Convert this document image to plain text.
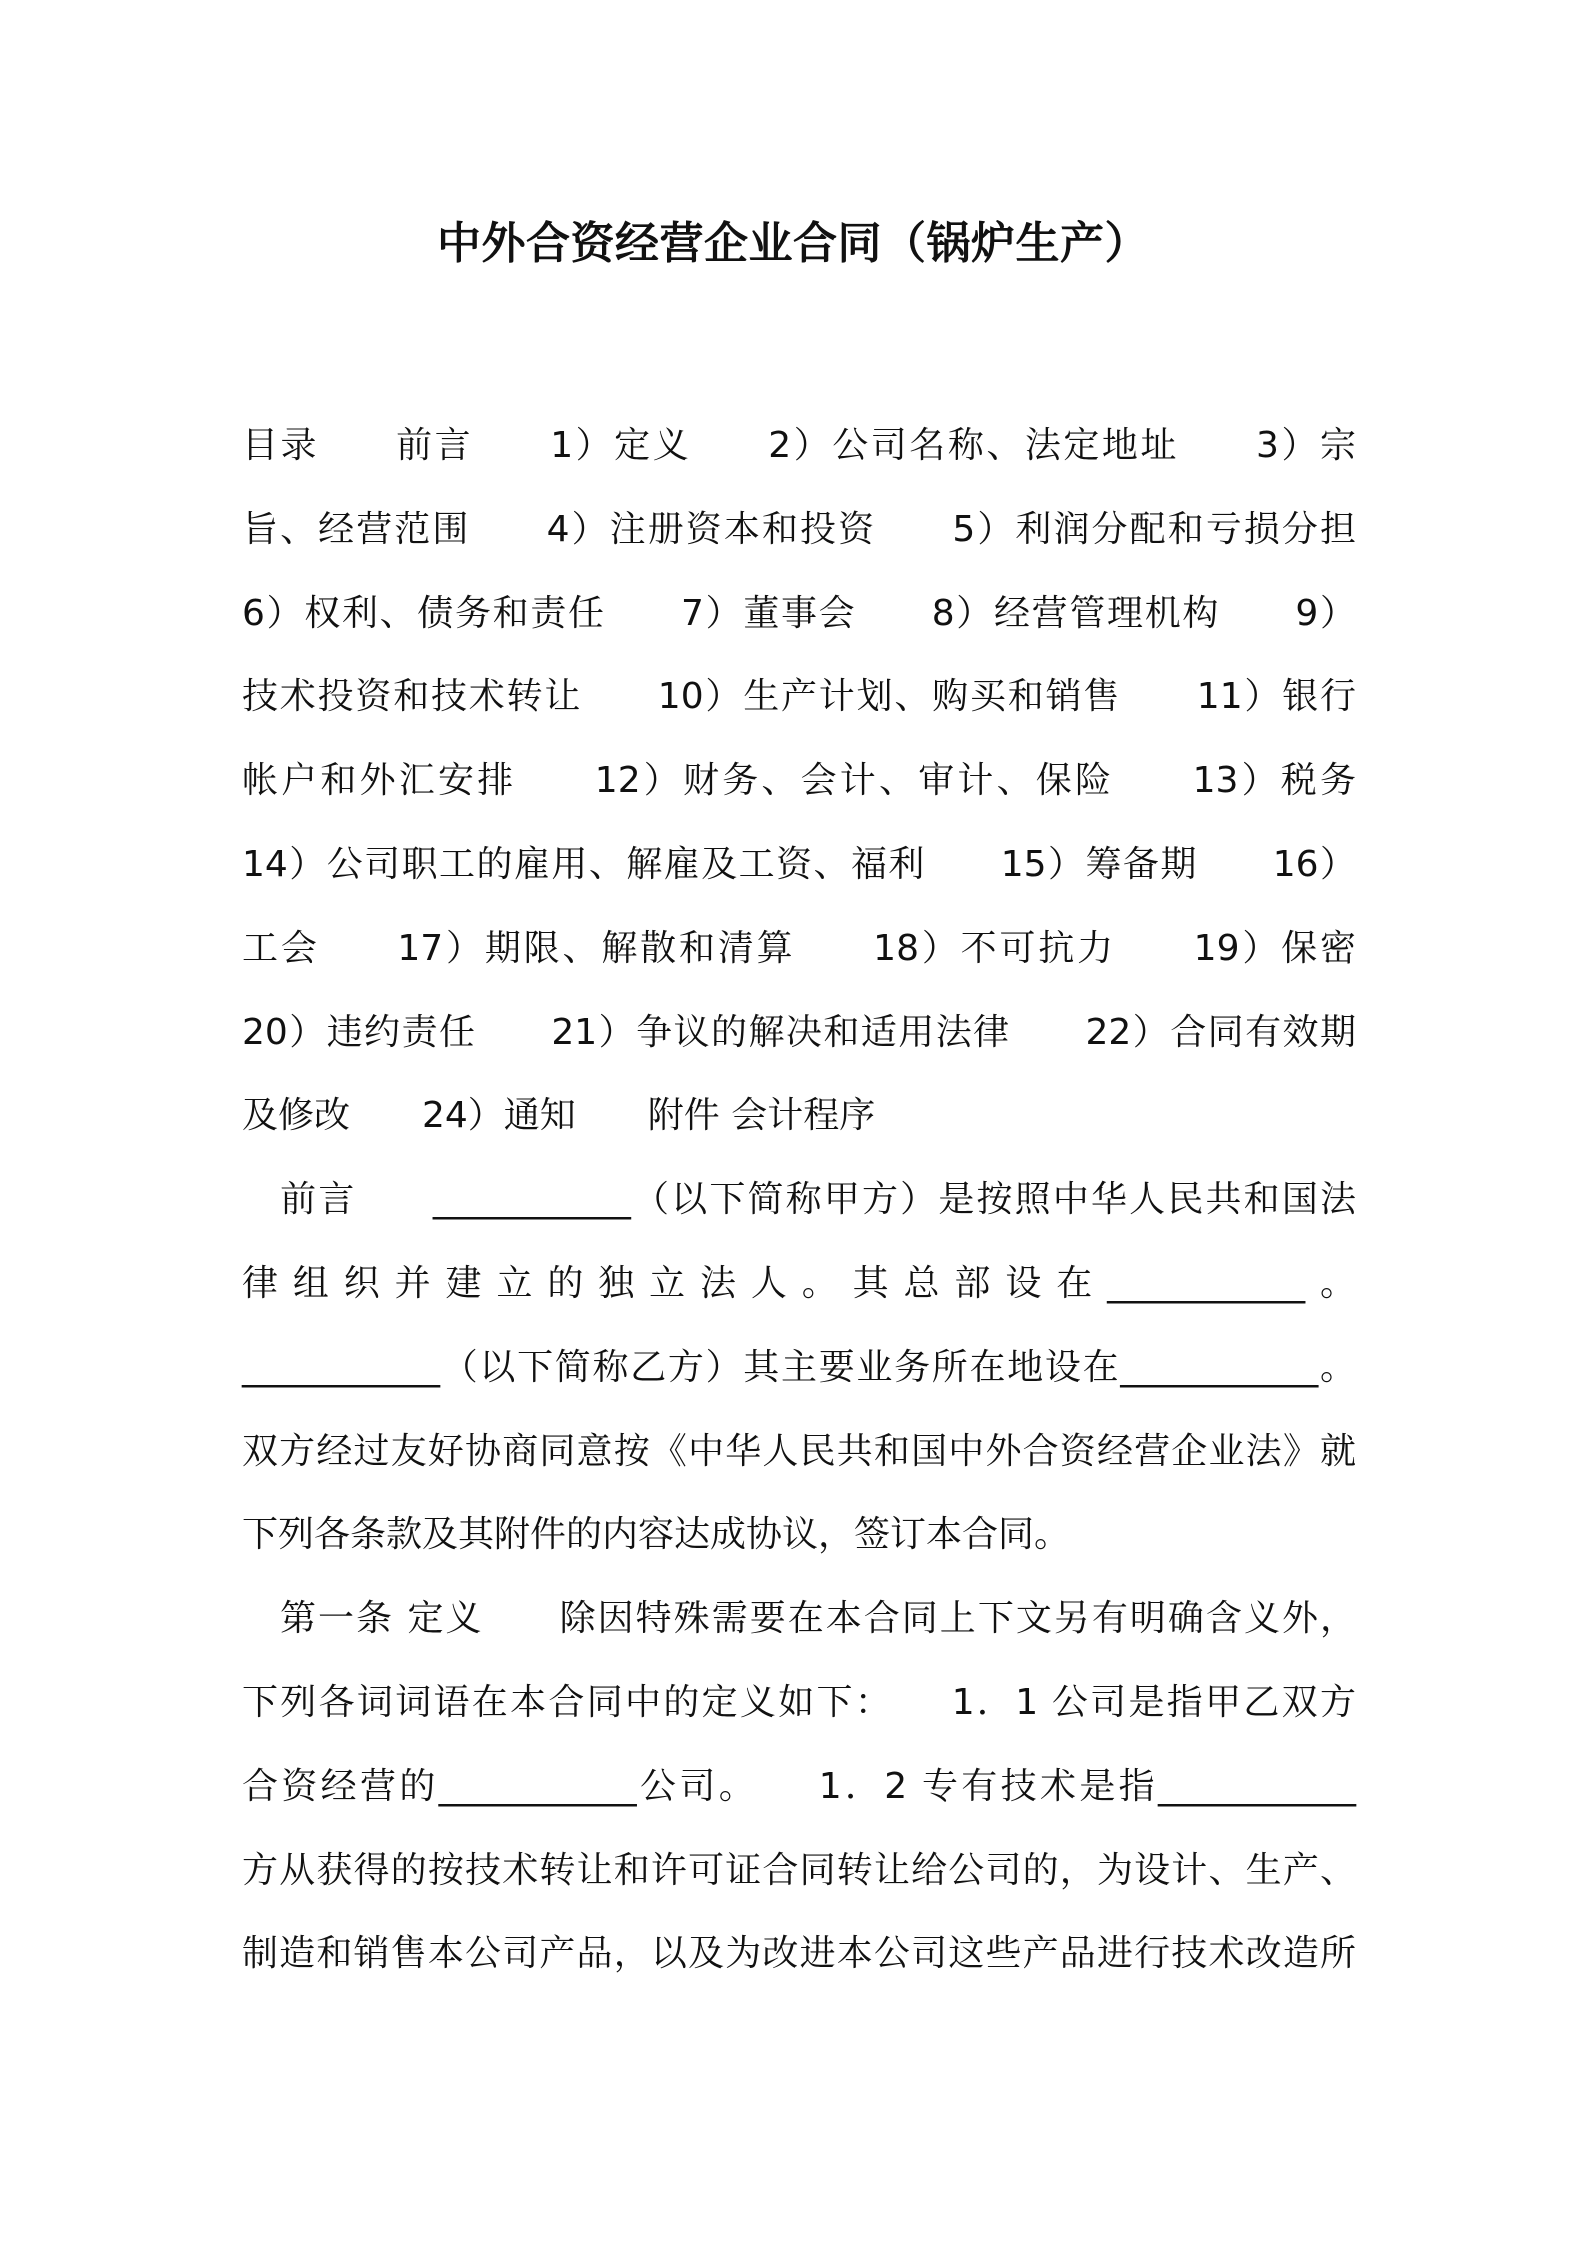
中外合资经营企业合同（锅炉生产）
目录　　前言　　1）定义　　2）公司名称、法定地址　　3）宗
旨、经营范围　　4）注册资本和投资　　5）利润分配和亏损分担
6）权利、债务和责任　　7）董事会　　8）经营管理机构　　9）
技术投资和技术转让　　10）生产计划、购买和销售　　11）银行
帐户和外汇安排　　12）财务、会计、审计、保险　　13）税务
14）公司职工的雇用、解雇及工资、福利　　15）筹备期　　16）
工会　　17）期限、解散和清算　　18）不可抗力　　19）保密
20）违约责任　　21）争议的解决和适用法律　　22）合同有效期
及修改　　24）通知　　附件 会计程序
　前言　　___________（以下简称甲方）是按照中华人民共和国法
律组织并建立的独立法人。其总部设在___________。
___________（以下简称乙方）其主要业务所在地设在___________。
双方经过友好协商同意按《中华人民共和国中外合资经营企业法》就
下列各条款及其附件的内容达成协议，签订本合同。
　第一条 定义　　除因特殊需要在本合同上下文另有明确含义外，
下列各词词语在本合同中的定义如下：　　1．1 公司是指甲乙双方
合资经营的___________公司。　　1．2 专有技术是指___________
方从获得的按技术转让和许可证合同转让给公司的，为设计、生产、
制造和销售本公司产品，以及为改进本公司这些产品进行技术改造所
